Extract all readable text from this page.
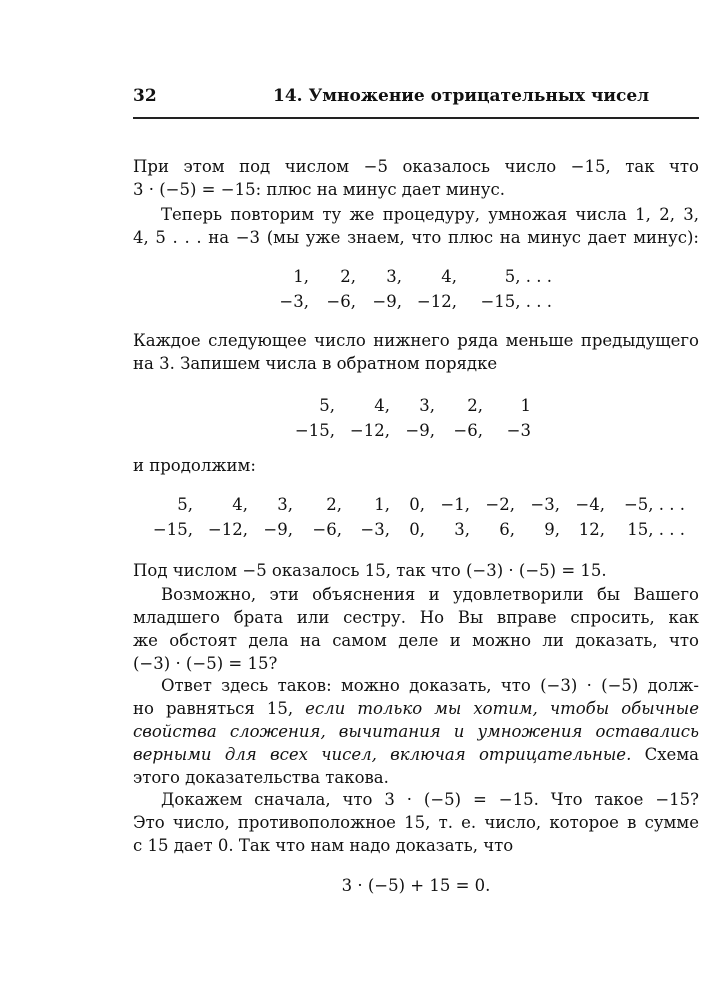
32	14. Умножение отрицательных чисел
При этом под числом −5 оказалось число −15, так что
3 · (−5) = −15: плюс на минус дает минус.
Теперь повторим ту же процедуру, умножая числа 1, 2, 3,
4, 5 . . . на −3 (мы уже знаем, что плюс на минус дает минус):
1,	2,	3,	4,	5, . . .
−3,	−6,	−9,	−12,	−15, . . .
Каждое следующее число нижнего ряда меньше предыдущего
на 3. Запишем числа в обратном порядке
5,	4,	3,	2,	1
−15,	−12,	−9,	−6,	−3
и продолжим:
5,	4,	3,	2,	1,	0,	−1,	−2,	−3,	−4,	−5, . . .
−15,	−12,	−9,	−6,	−3,	0,	3,	6,	9,	12,	15, . . .
Под числом −5 оказалось 15, так что (−3) · (−5) = 15.
Возможно, эти объяснения и удовлетворили бы Вашего
младшего брата или сестру. Но Вы вправе спросить, как
же обстоят дела на самом деле и можно ли доказать, что
(−3) · (−5) = 15?
Ответ здесь таков: можно доказать, что (−3) · (−5) долж-
но равняться 15, если только мы хотим, чтобы обычные
свойства сложения, вычитания и умножения оставались
верными для всех чисел, включая отрицательные. Схема
этого доказательства такова.
Докажем сначала, что 3 · (−5) = −15. Что такое −15?
Это число, противоположное 15, т. е. число, которое в сумме
с 15 дает 0. Так что нам надо доказать, что
3 · (−5) + 15 = 0.
